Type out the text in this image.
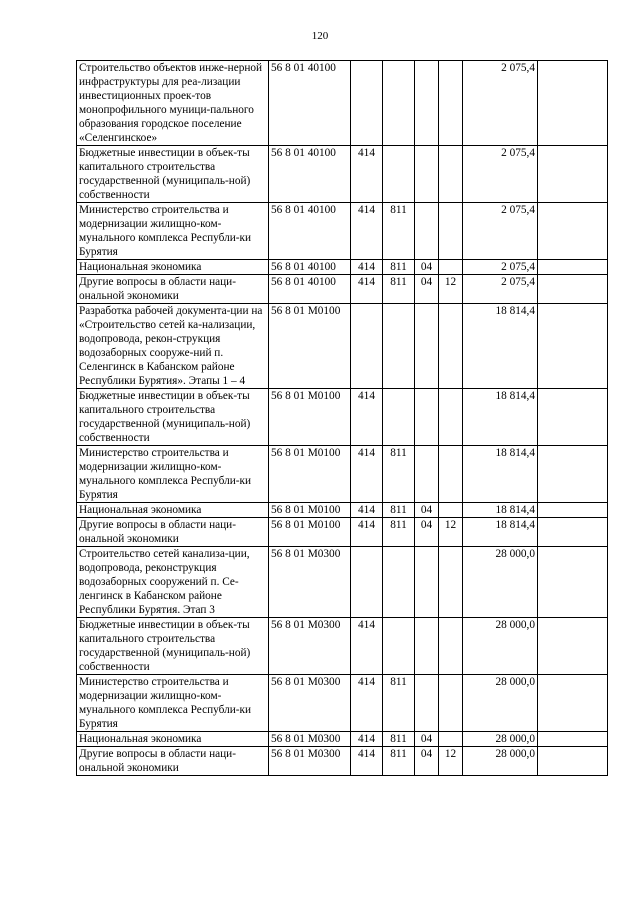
120
Строительство объектов инже-нерной инфраструктуры для реа-лизации инвестиционных проек-тов монопрофильного муници-пального образования городское поселение «Селенгинское»	56 8 01 40100					2 075,4	
Бюджетные инвестиции в объек-ты капитального строительства государственной (муниципаль-ной) собственности	56 8 01 40100	414				2 075,4	
Министерство строительства и модернизации жилищно-ком-мунального комплекса Республи-ки Бурятия	56 8 01 40100	414	811			2 075,4	
Национальная экономика	56 8 01 40100	414	811	04		2 075,4	
Другие вопросы в области наци-ональной экономики	56 8 01 40100	414	811	04	12	2 075,4	
Разработка рабочей документа-ции на «Строительство сетей ка-нализации, водопровода, рекон-струкция водозаборных сооруже-ний п. Селенгинск в Кабанском районе Республики Бурятия». Этапы 1 – 4	56 8 01 M0100					18 814,4	
Бюджетные инвестиции в объек-ты капитального строительства государственной (муниципаль-ной) собственности	56 8 01 M0100	414				18 814,4	
Министерство строительства и модернизации жилищно-ком-мунального комплекса Республи-ки Бурятия	56 8 01 M0100	414	811			18 814,4	
Национальная экономика	56 8 01 M0100	414	811	04		18 814,4	
Другие вопросы в области наци-ональной экономики	56 8 01 M0100	414	811	04	12	18 814,4	
Строительство сетей канализа-ции, водопровода, реконструкция водозаборных сооружений п. Се-ленгинск в Кабанском районе Республики Бурятия. Этап 3	56 8 01 M0300					28 000,0	
Бюджетные инвестиции в объек-ты капитального строительства государственной (муниципаль-ной) собственности	56 8 01 M0300	414				28 000,0	
Министерство строительства и модернизации жилищно-ком-мунального комплекса Республи-ки Бурятия	56 8 01 M0300	414	811			28 000,0	
Национальная экономика	56 8 01 M0300	414	811	04		28 000,0	
Другие вопросы в области наци-ональной экономики	56 8 01 M0300	414	811	04	12	28 000,0	
